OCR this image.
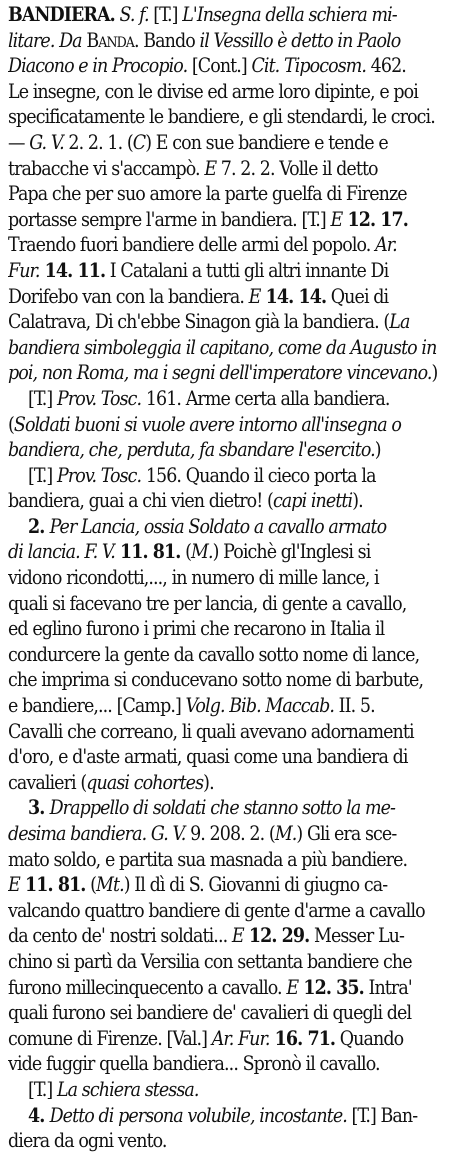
BANDIERA. S. f. [T.] L'Insegna della schiera mi-
litare. Da Banda. Bando il Vessillo è detto in Paolo
Diacono e in Procopio. [Cont.] Cit. Tipocosm. 462.
Le insegne, con le divise ed arme loro dipinte, e poi
specificatamente le bandiere, e gli stendardi, le croci.
— G. V. 2. 2. 1. (C) E con sue bandiere e tende e
trabacche vi s'accampò. E 7. 2. 2. Volle il detto
Papa che per suo amore la parte guelfa di Firenze
portasse sempre l'arme in bandiera. [T.] E 12. 17.
Traendo fuori bandiere delle armi del popolo. Ar.
Fur. 14. 11. I Catalani a tutti gli altri innante Di
Dorifebo van con la bandiera. E 14. 14. Quei di
Calatrava, Di ch'ebbe Sinagon già la bandiera. (La
bandiera simboleggia il capitano, come da Augusto in
poi, non Roma, ma i segni dell'imperatore vincevano.)
[T.] Prov. Tosc. 161. Arme certa alla bandiera.
(Soldati buoni si vuole avere intorno all'insegna o
bandiera, che, perduta, fa sbandare l'esercito.)
[T.] Prov. Tosc. 156. Quando il cieco porta la
bandiera, guai a chi vien dietro! (capi inetti).
2. Per Lancia, ossia Soldato a cavallo armato
di lancia. F. V. 11. 81. (M.) Poichè gl'Inglesi si
vidono ricondotti,..., in numero di mille lance, i
quali si facevano tre per lancia, di gente a cavallo,
ed eglino furono i primi che recarono in Italia il
condurcere la gente da cavallo sotto nome di lance,
che imprima si conducevano sotto nome di barbute,
e bandiere,... [Camp.] Volg. Bib. Maccab. II. 5.
Cavalli che correano, li quali avevano adornamenti
d'oro, e d'aste armati, quasi come una bandiera di
cavalieri (quasi cohortes).
3. Drappello di soldati che stanno sotto la me-
desima bandiera. G. V. 9. 208. 2. (M.) Gli era sce-
mato soldo, e partita sua masnada a più bandiere.
E 11. 81. (Mt.) Il dì di S. Giovanni di giugno ca-
valcando quattro bandiere di gente d'arme a cavallo
da cento de' nostri soldati... E 12. 29. Messer Lu-
chino si partì da Versilia con settanta bandiere che
furono millecinquecento a cavallo. E 12. 35. Intra'
quali furono sei bandiere de' cavalieri di quegli del
comune di Firenze. [Val.] Ar. Fur. 16. 71. Quando
vide fuggir quella bandiera... Spronò il cavallo.
[T.] La schiera stessa.
4. Detto di persona volubile, incostante. [T.] Ban-
diera da ogni vento.
